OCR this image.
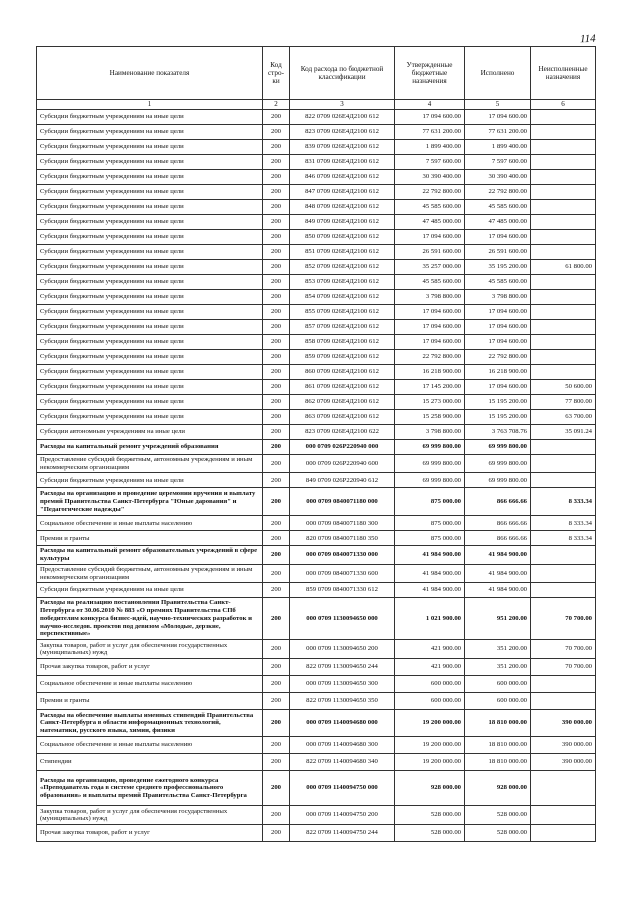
114
Наименование показателя	Код стро-ки	Код расхода по бюджетной классификации	Утвержденные бюджетные назначения	Исполнено	Неисполненные назначения
1	2	3	4	5	6
Субсидии бюджетным учреждениям на иные цели	200	822 0709 026Е4Д2100 612	17 094 600.00	17 094 600.00	
Субсидии бюджетным учреждениям на иные цели	200	823 0709 026Е4Д2100 612	77 631 200.00	77 631 200.00	
Субсидии бюджетным учреждениям на иные цели	200	839 0709 026Е4Д2100 612	1 899 400.00	1 899 400.00	
Субсидии бюджетным учреждениям на иные цели	200	831 0709 026Е4Д2100 612	7 597 600.00	7 597 600.00	
Субсидии бюджетным учреждениям на иные цели	200	846 0709 026Е4Д2100 612	30 390 400.00	30 390 400.00	
Субсидии бюджетным учреждениям на иные цели	200	847 0709 026Е4Д2100 612	22 792 800.00	22 792 800.00	
Субсидии бюджетным учреждениям на иные цели	200	848 0709 026Е4Д2100 612	45 585 600.00	45 585 600.00	
Субсидии бюджетным учреждениям на иные цели	200	849 0709 026Е4Д2100 612	47 485 000.00	47 485 000.00	
Субсидии бюджетным учреждениям на иные цели	200	850 0709 026Е4Д2100 612	17 094 600.00	17 094 600.00	
Субсидии бюджетным учреждениям на иные цели	200	851 0709 026Е4Д2100 612	26 591 600.00	26 591 600.00	
Субсидии бюджетным учреждениям на иные цели	200	852 0709 026Е4Д2100 612	35 257 000.00	35 195 200.00	61 800.00
Субсидии бюджетным учреждениям на иные цели	200	853 0709 026Е4Д2100 612	45 585 600.00	45 585 600.00	
Субсидии бюджетным учреждениям на иные цели	200	854 0709 026Е4Д2100 612	3 798 800.00	3 798 800.00	
Субсидии бюджетным учреждениям на иные цели	200	855 0709 026Е4Д2100 612	17 094 600.00	17 094 600.00	
Субсидии бюджетным учреждениям на иные цели	200	857 0709 026Е4Д2100 612	17 094 600.00	17 094 600.00	
Субсидии бюджетным учреждениям на иные цели	200	858 0709 026Е4Д2100 612	17 094 600.00	17 094 600.00	
Субсидии бюджетным учреждениям на иные цели	200	859 0709 026Е4Д2100 612	22 792 800.00	22 792 800.00	
Субсидии бюджетным учреждениям на иные цели	200	860 0709 026Е4Д2100 612	16 218 900.00	16 218 900.00	
Субсидии бюджетным учреждениям на иные цели	200	861 0709 026Е4Д2100 612	17 145 200.00	17 094 600.00	50 600.00
Субсидии бюджетным учреждениям на иные цели	200	862 0709 026Е4Д2100 612	15 273 000.00	15 195 200.00	77 800.00
Субсидии бюджетным учреждениям на иные цели	200	863 0709 026Е4Д2100 612	15 258 900.00	15 195 200.00	63 700.00
Субсидии автономным учреждениям на иные цели	200	823 0709 026Е4Д2100 622	3 798 800.00	3 763 708.76	35 091.24
Расходы на капитальный ремонт учреждений образования	200	000 0709 026Р220940 000	69 999 800.00	69 999 800.00	
Предоставление субсидий бюджетным, автономным учреждениям и иным некоммерческим организациям	200	000 0709 026Р220940 600	69 999 800.00	69 999 800.00	
Субсидии бюджетным учреждениям на иные цели	200	849 0709 026Р220940 612	69 999 800.00	69 999 800.00	
Расходы на организацию и проведение церемонии вручения и выплату премий Правительства Санкт-Петербурга "Юные дарования" и "Педагогические надежды"	200	000 0709 0840071180 000	875 000.00	866 666.66	8 333.34
Социальное обеспечение и иные выплаты населению	200	000 0709 0840071180 300	875 000.00	866 666.66	8 333.34
Премии и гранты	200	820 0709 0840071180 350	875 000.00	866 666.66	8 333.34
Расходы на капитальный ремонт образовательных учреждений в сфере культуры	200	000 0709 0840071330 000	41 984 900.00	41 984 900.00	
Предоставление субсидий бюджетным, автономным учреждениям и иным некоммерческим организациям	200	000 0709 0840071330 600	41 984 900.00	41 984 900.00	
Субсидии бюджетным учреждениям на иные цели	200	859 0709 0840071330 612	41 984 900.00	41 984 900.00	
Расходы на реализацию постановления Правительства Санкт-Петербурга от 30.06.2010 № 883 «О премиях Правительства СПб победителям конкурса бизнес-идей, научно-технических разработок и научно-исследов. проектов под девизом «Молодые, дерзкие, перспективные»	200	000 0709 1130094650 000	1 021 900.00	951 200.00	70 700.00
Закупка товаров, работ и услуг для обеспечения государственных (муниципальных) нужд	200	000 0709 1130094650 200	421 900.00	351 200.00	70 700.00
Прочая закупка товаров, работ и услуг	200	822 0709 1130094650 244	421 900.00	351 200.00	70 700.00
Социальное обеспечение и иные выплаты населению	200	000 0709 1130094650 300	600 000.00	600 000.00	
Премии и гранты	200	822 0709 1130094650 350	600 000.00	600 000.00	
Расходы на обеспечение выплаты именных стипендий Правительства Санкт-Петербурга в области информационных технологий, математики, русского языка, химии, физики	200	000 0709 1140094680 000	19 200 000.00	18 810 000.00	390 000.00
Социальное обеспечение и иные выплаты населению	200	000 0709 1140094680 300	19 200 000.00	18 810 000.00	390 000.00
Стипендии	200	822 0709 1140094680 340	19 200 000.00	18 810 000.00	390 000.00
Расходы на организацию, проведение ежегодного конкурса «Преподаватель года в системе среднего профессионального образования» и выплаты премий Правительства Санкт-Петербурга	200	000 0709 1140094750 000	928 000.00	928 000.00	
Закупка товаров, работ и услуг для обеспечения государственных (муниципальных) нужд	200	000 0709 1140094750 200	528 000.00	528 000.00	
Прочая закупка товаров, работ и услуг	200	822 0709 1140094750 244	528 000.00	528 000.00	
